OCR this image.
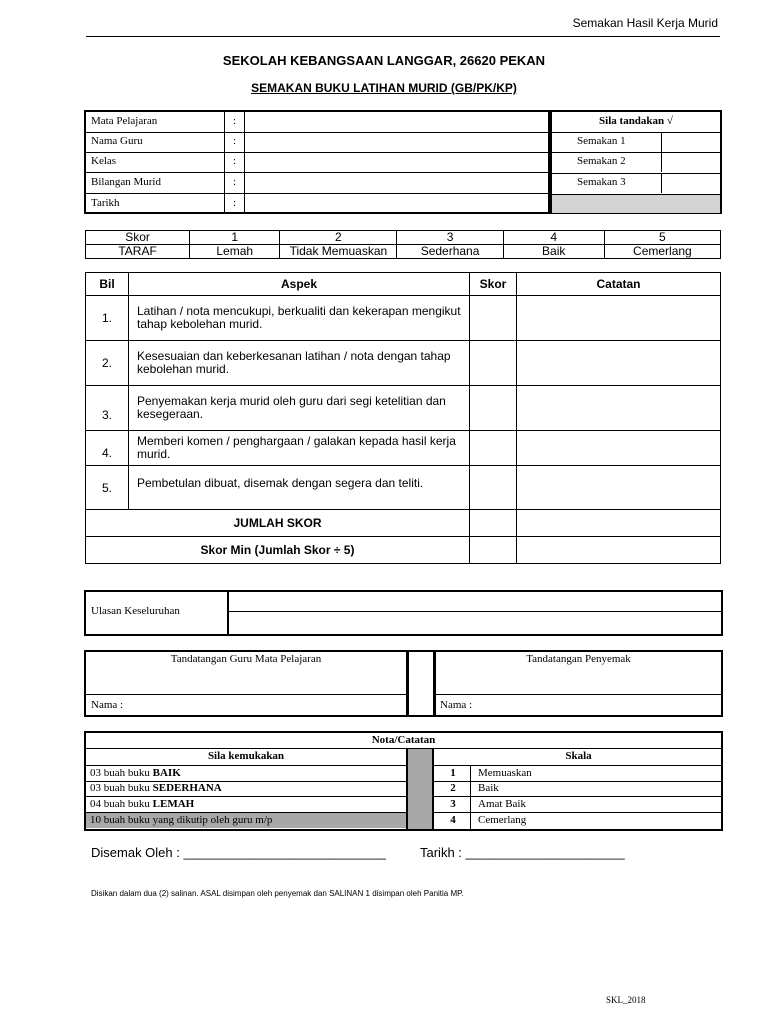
Semakan Hasil Kerja Murid
SEKOLAH KEBANGSAAN LANGGAR, 26620 PEKAN
SEMAKAN BUKU LATIHAN MURID (GB/PK/KP)
Mata Pelajaran	:
Nama Guru	:
Kelas	:
Bilangan Murid	:
Tarikh	:
Sila tandakan √
Semakan 1
Semakan 2
Semakan 3
Skor	1	2	3	4	5
TARAF	Lemah	Tidak Memuaskan	Sederhana	Baik	Cemerlang
Bil	Aspek	Skor	Catatan
1.	Latihan / nota mencukupi, berkualiti dan kekerapan mengikut tahap kebolehan murid.		
2.	Kesesuaian dan keberkesanan latihan / nota dengan tahap kebolehan murid.		
3.	Penyemakan kerja murid oleh guru dari segi ketelitian dan kesegeraan.		
4.	Memberi komen / penghargaan / galakan kepada hasil kerja murid.		
5.	Pembetulan dibuat, disemak dengan segera dan teliti.		
JUMLAH SKOR			
Skor Min (Jumlah Skor ÷ 5)			
Ulasan Keseluruhan
Tandatangan Guru Mata Pelajaran	Tandatangan Penyemak
Nama :	Nama :
Nota/Catatan
Sila kemukakan	Skala
03 buah buku BAIK
03 buah buku SEDERHANA
04 buah buku LEMAH
10 buah buku yang dikutip oleh guru m/p
1	Memuaskan
2	Baik
3	Amat Baik
4	Cemerlang
Disemak Oleh : ____________________________	Tarikh : ______________________
Disikan dalam dua (2) salinan. ASAL disimpan oleh penyemak dan SALINAN 1 disimpan oleh Panitia MP.
SKL_2018
